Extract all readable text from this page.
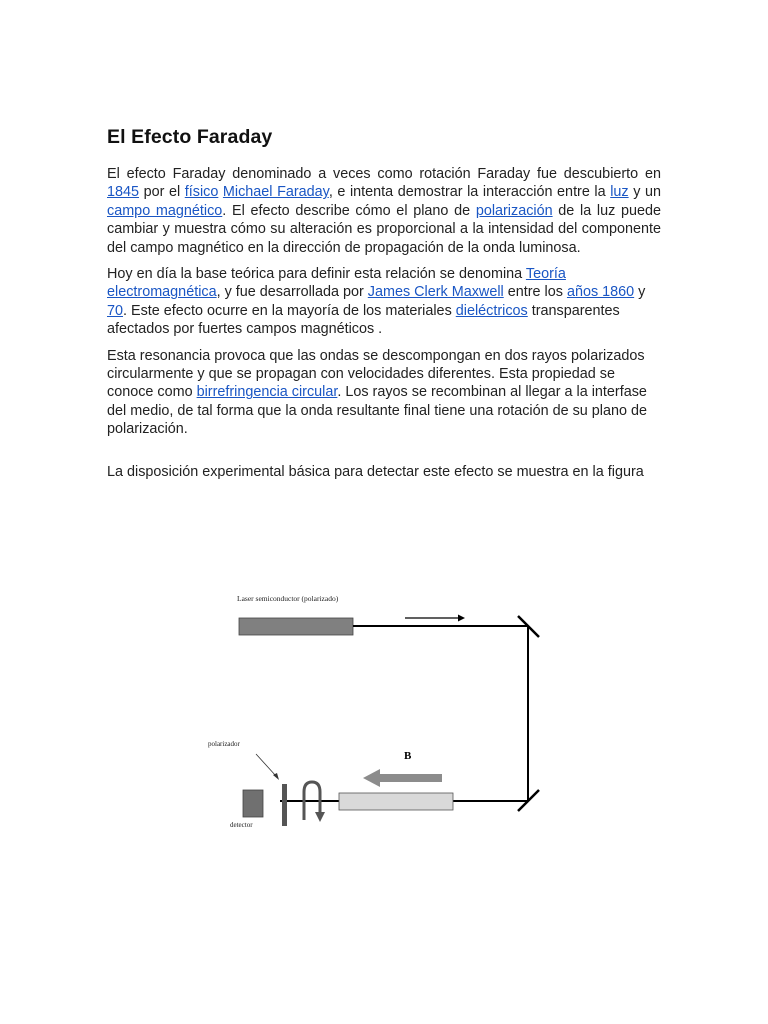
El Efecto Faraday

El efecto Faraday denominado a veces como rotación Faraday fue descubierto en 1845 por el físico Michael Faraday, e intenta demostrar la interacción entre la luz y un campo magnético. El efecto describe cómo el plano de polarización de la luz puede cambiar y muestra cómo su alteración es proporcional a la intensidad del componente del campo magnético en la dirección de propagación de la onda luminosa.

Hoy en día la base teórica para definir esta relación se denomina Teoría electromagnética, y fue desarrollada por James Clerk Maxwell entre los años 1860 y 70. Este efecto ocurre en la mayoría de los materiales dieléctricos transparentes afectados por fuertes campos magnéticos .

Esta resonancia provoca que las ondas se descompongan en dos rayos polarizados circularmente y que se propagan con velocidades diferentes. Esta propiedad se conoce como birrefringencia circular. Los rayos se recombinan al llegar a la interfase del medio, de tal forma que la onda resultante final tiene una rotación de su plano de polarización.

La disposición experimental básica para detectar este efecto se muestra en la figura

Laser semiconductor (polarizado)
B
polarizador
detector
